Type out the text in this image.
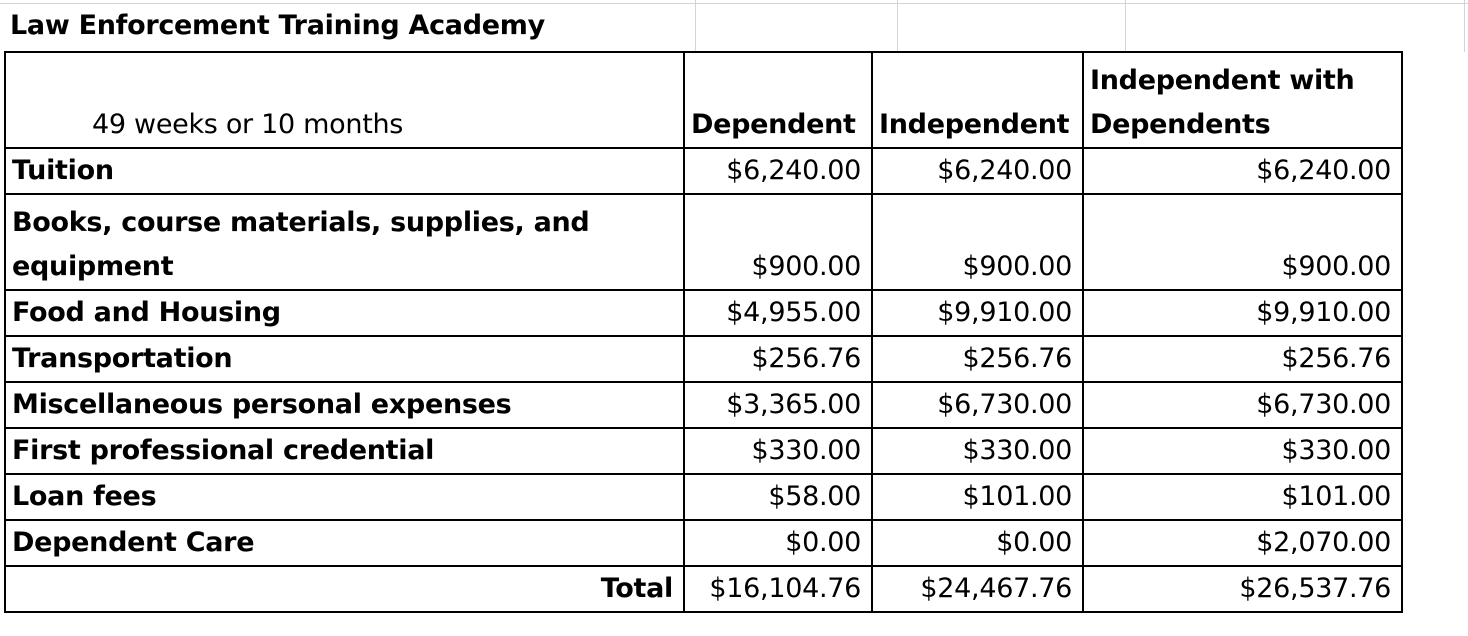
Law Enforcement Training Academy
49 weeks or 10 months	Dependent	Independent	Independent with Dependents
Tuition	$6,240.00	$6,240.00	$6,240.00
Books, course materials, supplies, and equipment	$900.00	$900.00	$900.00
Food and Housing	$4,955.00	$9,910.00	$9,910.00
Transportation	$256.76	$256.76	$256.76
Miscellaneous personal expenses	$3,365.00	$6,730.00	$6,730.00
First professional credential	$330.00	$330.00	$330.00
Loan fees	$58.00	$101.00	$101.00
Dependent Care	$0.00	$0.00	$2,070.00
Total	$16,104.76	$24,467.76	$26,537.76
